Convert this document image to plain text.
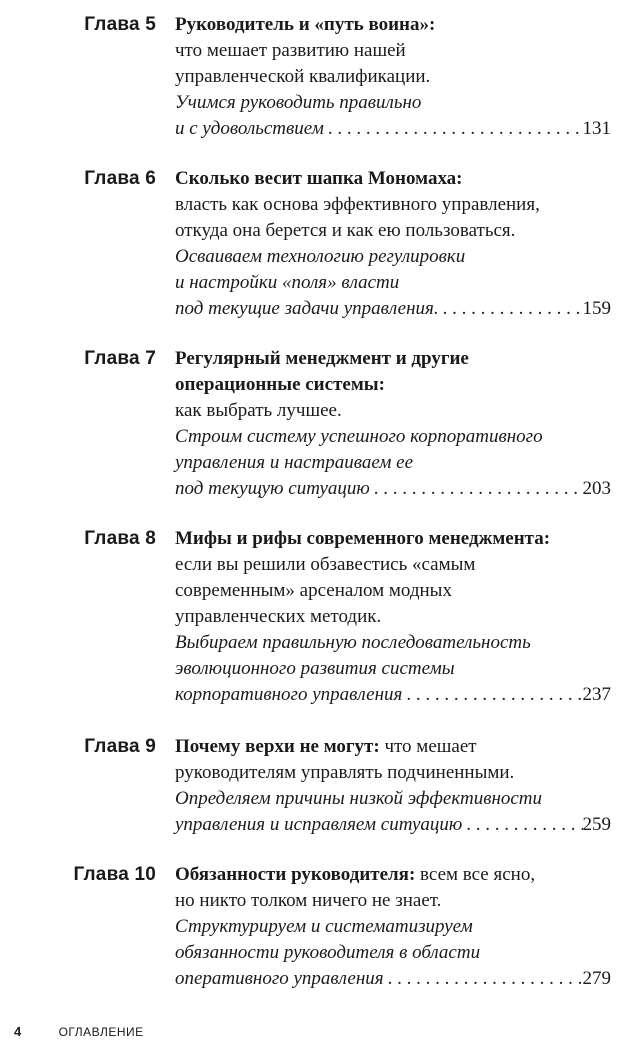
Глава 5 Руководитель и «путь воина»:
что мешает развитию нашей
управленческой квалификации.
Учимся руководить правильно
и с удовольствием . . .	131
Глава 6 Сколько весит шапка Мономаха:
власть как основа эффективного управления,
откуда она берется и как ею пользоваться.
Осваиваем технологию регулировки
и настройки «поля» власти
под текущие задачи управления. . . .	159
Глава 7 Регулярный менеджмент и другие
операционные системы:
как выбрать лучшее.
Строим систему успешного корпоративного
управления и настраиваем ее
под текущую ситуацию . . .	203
Глава 8 Мифы и рифы современного менеджмента:
если вы решили обзавестись «самым
современным» арсеналом модных
управленческих методик.
Выбираем правильную последовательность
эволюционного развития системы
корпоративного управления . . .	237
Глава 9 Почему верхи не могут: что мешает
руководителям управлять подчиненными.
Определяем причины низкой эффективности
управления и исправляем ситуацию . . .	259
Глава 10 Обязанности руководителя: всем все ясно,
но никто толком ничего не знает.
Структурируем и систематизируем
обязанности руководителя в области
оперативного управления . . .	279
4	ОГЛАВЛЕНИЕ
